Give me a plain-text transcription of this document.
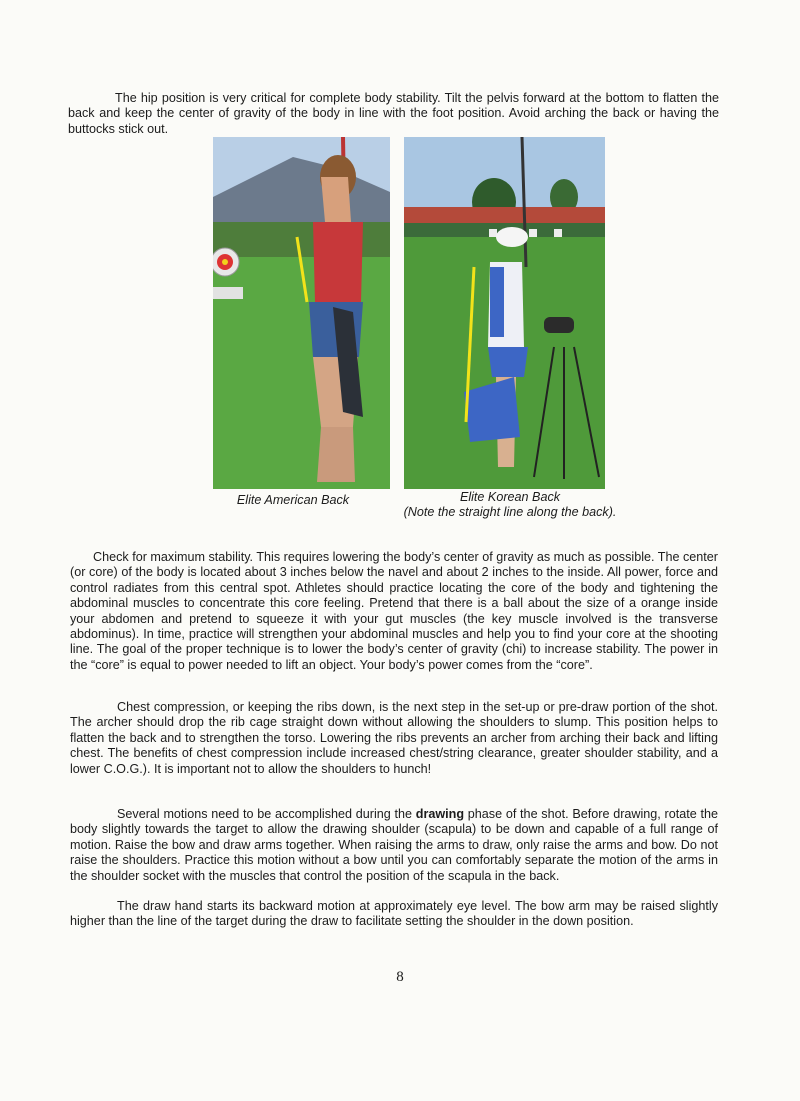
The hip position is very critical for complete body stability. Tilt the pelvis forward at the bottom to flatten the back and keep the center of gravity of the body in line with the foot position. Avoid arching the back or having the buttocks stick out.

Elite American Back	Elite Korean Back
(Note the straight line along the back).

Check for maximum stability. This requires lowering the body’s center of gravity as much as possible. The center (or core) of the body is located about 3 inches below the navel and about 2 inches to the inside. All power, force and control radiates from this central spot. Athletes should practice locating the core of the body and tightening the abdominal muscles to concentrate this core feeling. Pretend that there is a ball about the size of a orange inside your abdomen and pretend to squeeze it with your gut muscles (the key muscle involved is the transverse abdominus). In time, practice will strengthen your abdominal muscles and help you to find your core at the shooting line. The goal of the proper technique is to lower the body’s center of gravity (chi) to increase stability. The power in the “core” is equal to power needed to lift an object. Your body’s power comes from the “core”.

Chest compression, or keeping the ribs down, is the next step in the set-up or pre-draw portion of the shot. The archer should drop the rib cage straight down without allowing the shoulders to slump. This position helps to flatten the back and to strengthen the torso. Lowering the ribs prevents an archer from arching their back and lifting chest. The benefits of chest compression include increased chest/string clearance, greater shoulder stability, and a lower C.O.G.). It is important not to allow the shoulders to hunch!

Several motions need to be accomplished during the drawing phase of the shot. Before drawing, rotate the body slightly towards the target to allow the drawing shoulder (scapula) to be down and capable of a full range of motion. Raise the bow and draw arms together. When raising the arms to draw, only raise the arms and bow. Do not raise the shoulders. Practice this motion without a bow until you can comfortably separate the motion of the arms in the shoulder socket with the muscles that control the position of the scapula in the back.

The draw hand starts its backward motion at approximately eye level. The bow arm may be raised slightly higher than the line of the target during the draw to facilitate setting the shoulder in the down position.

8
